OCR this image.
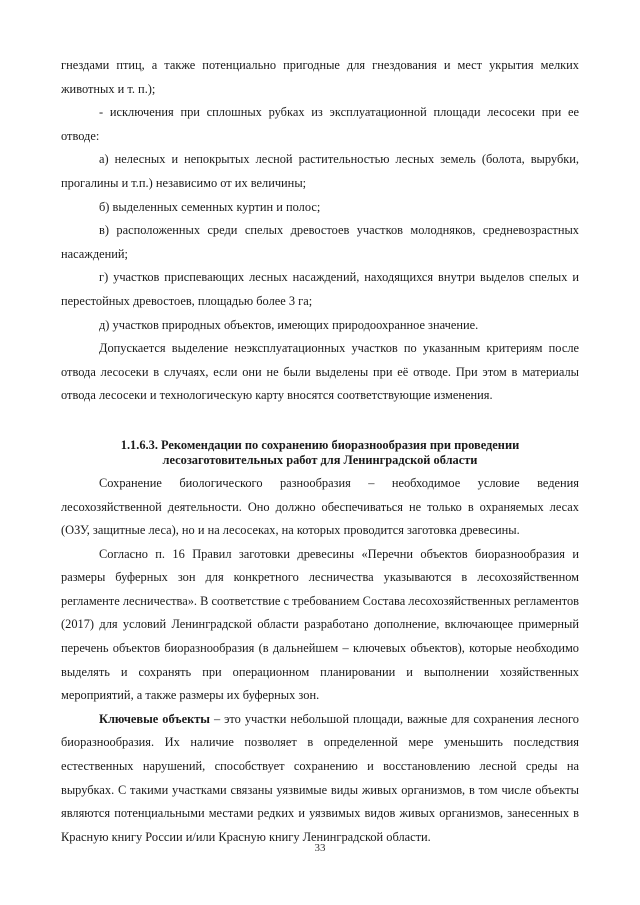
гнездами птиц, а также потенциально пригодные для гнездования и мест укрытия мелких животных и т. п.);

- исключения при сплошных рубках из эксплуатационной площади лесосеки при ее отводе:

а) нелесных и непокрытых лесной растительностью лесных земель (болота, вырубки, прогалины и т.п.) независимо от их величины;

б) выделенных семенных куртин и полос;

в) расположенных среди спелых древостоев участков молодняков, средневозрастных насаждений;

г) участков приспевающих лесных насаждений, находящихся внутри выделов спелых и перестойных древостоев, площадью более 3 га;

д) участков природных объектов, имеющих природоохранное значение.

Допускается выделение неэксплуатационных участков по указанным критериям после отвода лесосеки в случаях, если они не были выделены при её отводе. При этом в материалы отвода лесосеки и технологическую карту вносятся соответствующие изменения.

1.1.6.3. Рекомендации по сохранению биоразнообразия при проведении
лесозаготовительных работ для Ленинградской области

Сохранение биологического разнообразия – необходимое условие ведения лесохозяйственной деятельности. Оно должно обеспечиваться не только в охраняемых лесах (ОЗУ, защитные леса), но и на лесосеках, на которых проводится заготовка древесины.

Согласно п. 16 Правил заготовки древесины «Перечни объектов биоразнообразия и размеры буферных зон для конкретного лесничества указываются в лесохозяйственном регламенте лесничества». В соответствие с требованием Состава лесохозяйственных регламентов (2017) для условий Ленинградской области разработано дополнение, включающее примерный перечень объектов биоразнообразия (в дальнейшем – ключевых объектов), которые необходимо выделять и сохранять при операционном планировании и выполнении хозяйственных мероприятий, а также размеры их буферных зон.

Ключевые объекты – это участки небольшой площади, важные для сохранения лесного биоразнообразия. Их наличие позволяет в определенной мере уменьшить последствия естественных нарушений, способствует сохранению и восстановлению лесной среды на вырубках. С такими участками связаны уязвимые виды живых организмов, в том числе объекты являются потенциальными местами редких и уязвимых видов живых организмов, занесенных в Красную книгу России и/или Красную книгу Ленинградской области.

33
